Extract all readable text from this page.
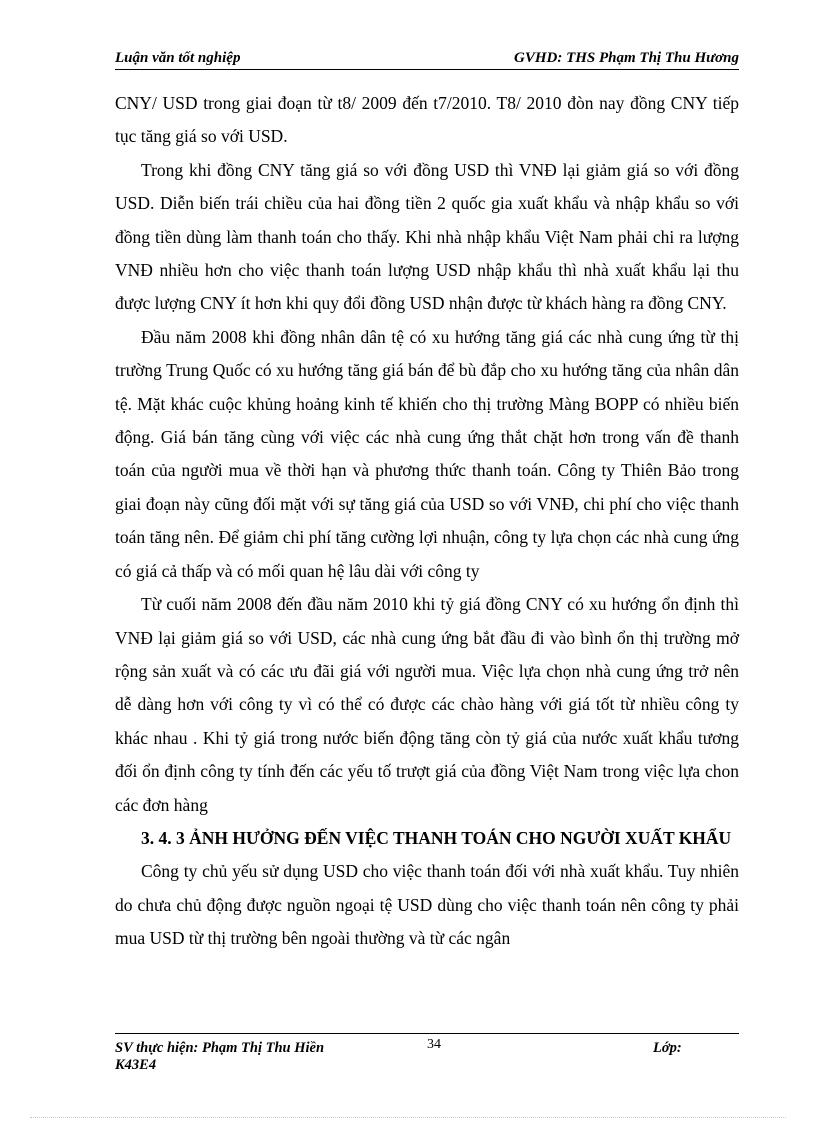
Luận văn tốt nghiệp	GVHD: THS Phạm Thị Thu Hương

CNY/ USD trong giai đoạn từ t8/ 2009 đến t7/2010. T8/ 2010 đòn nay đồng CNY tiếp tục tăng giá so với USD.

Trong khi đồng CNY tăng giá so với đồng USD thì VNĐ lại giảm giá so với đồng USD. Diễn biến trái chiều của hai đồng tiền 2 quốc gia xuất khẩu và nhập khẩu so với đồng tiền dùng làm thanh toán cho thấy. Khi nhà nhập khẩu Việt Nam phải chi ra lượng VNĐ nhiều hơn cho việc thanh toán lượng USD nhập khẩu thì nhà xuất khẩu lại thu được lượng CNY ít hơn khi quy đổi đồng USD nhận được từ khách hàng ra đồng CNY.

Đầu năm 2008 khi đồng nhân dân tệ có xu hướng tăng giá các nhà cung ứng từ thị trường Trung Quốc có xu hướng tăng giá bán để bù đắp cho xu hướng tăng của nhân dân tệ. Mặt khác cuộc khủng hoảng kinh tế khiến cho thị trường Màng BOPP có nhiều biến động. Giá bán tăng cùng với việc các nhà cung ứng thắt chặt hơn trong vấn đề thanh toán của người mua về thời hạn và phương thức thanh toán. Công ty Thiên Bảo trong giai đoạn này cũng đối mặt với sự tăng giá của USD so với VNĐ, chi phí cho việc thanh toán tăng nên. Để giảm chi phí tăng cường lợi nhuận, công ty lựa chọn các nhà cung ứng có giá cả thấp và có mối quan hệ lâu dài với công ty

Từ cuối năm 2008 đến đầu năm 2010 khi tỷ giá đồng CNY có xu hướng ổn định thì VNĐ lại giảm giá so với USD, các nhà cung ứng bắt đầu đi vào bình ổn thị trường mở rộng sản xuất và có các ưu đãi giá với người mua. Việc lựa chọn nhà cung ứng trở nên dễ dàng hơn với công ty vì có thể có được các chào hàng với giá tốt từ nhiều công ty khác nhau . Khi tỷ giá trong nước biến động tăng còn tỷ giá của nước xuất khẩu tương đối ổn định công ty tính đến các yếu tố trượt giá của đồng Việt Nam trong việc lựa chon các đơn hàng

3. 4. 3 ẢNH HƯỞNG ĐẾN VIỆC THANH TOÁN CHO NGƯỜI XUẤT KHẨU

Công ty chủ yếu sử dụng USD cho việc thanh toán đối với nhà xuất khẩu. Tuy nhiên do chưa chủ động được nguồn ngoại tệ USD dùng cho việc thanh toán nên công ty phải mua USD từ thị trường bên ngoài thường và từ các ngân

SV thực hiện: Phạm Thị Thu Hiền
K43E4
34	Lớp:
